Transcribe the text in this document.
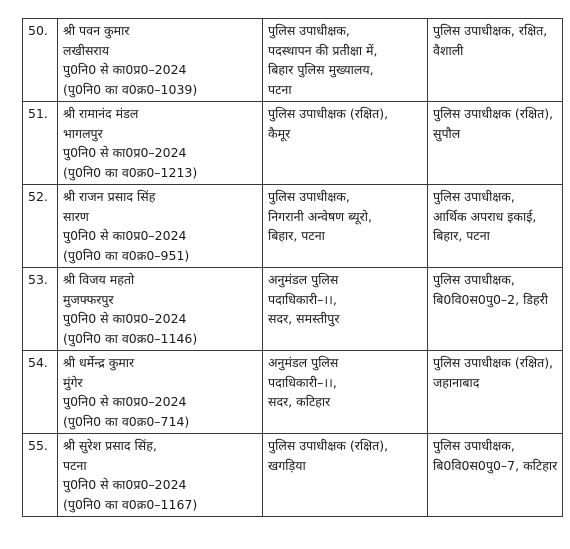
50.	श्री पवन कुमार
लखीसराय
पु0नि0 से का0प्र0–2024
(पु0नि0 का व0क्र0–1039)	पुलिस उपाधीक्षक,
पदस्थापन की प्रतीक्षा में,
बिहार पुलिस मुख्यालय,
पटना	पुलिस उपाधीक्षक, रक्षित,
वैशाली

51.	श्री रामानंद मंडल
भागलपुर
पु0नि0 से का0प्र0–2024
(पु0नि0 का व0क्र0–1213)	पुलिस उपाधीक्षक (रक्षित),
कैमूर	पुलिस उपाधीक्षक (रक्षित),
सुपौल

52.	श्री राजन प्रसाद सिंह
सारण
पु0नि0 से का0प्र0–2024
(पु0नि0 का व0क्र0–951)	पुलिस उपाधीक्षक,
निगरानी अन्वेषण ब्यूरो,
बिहार, पटना	पुलिस उपाधीक्षक,
आर्थिक अपराध इकाई,
बिहार, पटना

53.	श्री विजय महतो
मुजफ्फरपुर
पु0नि0 से का0प्र0–2024
(पु0नि0 का व0क्र0–1146)	अनुमंडल पुलिस
पदाधिकारी–।।,
सदर, समस्तीपुर	पुलिस उपाधीक्षक,
बि0वि0स0पु0–2, डिहरी

54.	श्री धर्मेन्द्र कुमार
मुंगेर
पु0नि0 से का0प्र0–2024
(पु0नि0 का व0क्र0–714)	अनुमंडल पुलिस
पदाधिकारी–।।,
सदर, कटिहार	पुलिस उपाधीक्षक (रक्षित),
जहानाबाद

55.	श्री सुरेश प्रसाद सिंह,
पटना
पु0नि0 से का0प्र0–2024
(पु0नि0 का व0क्र0–1167)	पुलिस उपाधीक्षक (रक्षित),
खगड़िया	पुलिस उपाधीक्षक,
बि0वि0स0पु0–7, कटिहार
